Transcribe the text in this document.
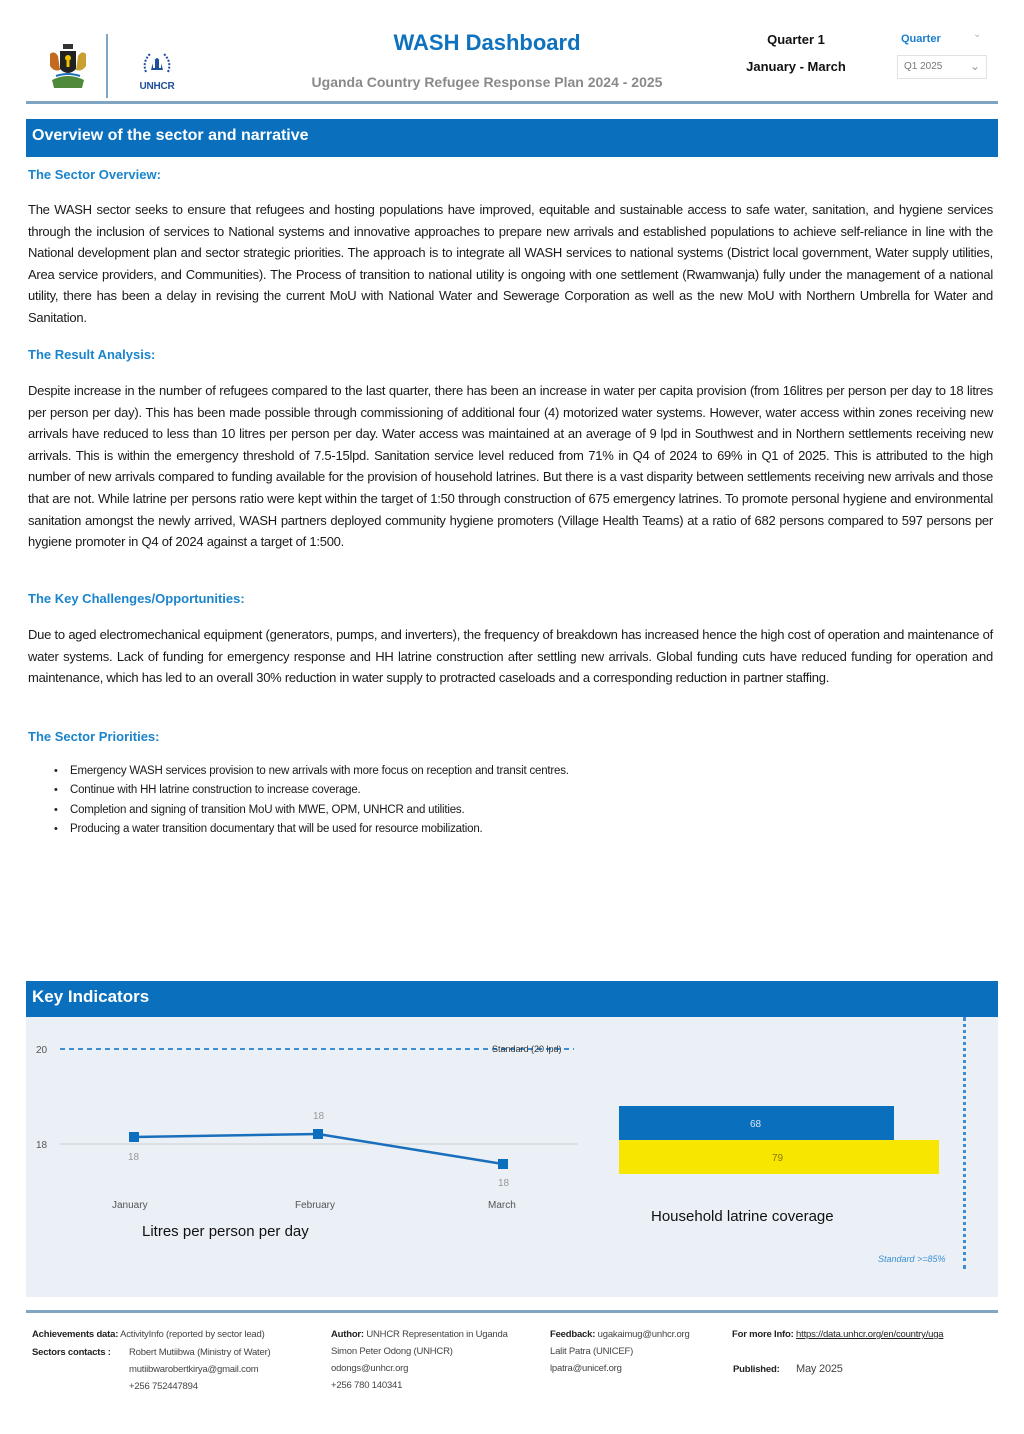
UNHCR
WASH Dashboard
Uganda Country Refugee Response Plan 2024 - 2025
Quarter 1
January - March
Quarter	⌄
Q1 2025 ⌄
Overview of the sector and narrative
The Sector Overview:
The WASH sector seeks to ensure that refugees and hosting populations have improved, equitable and sustainable access to safe water, sanitation, and hygiene services through the inclusion of services to National systems and innovative approaches to prepare new arrivals and established populations to achieve self-reliance in line with the National development plan and sector strategic priorities. The approach is to integrate all WASH services to national systems (District local government, Water supply utilities, Area service providers, and Communities). The Process of transition to national utility is ongoing with one settlement (Rwamwanja) fully under the management of a national utility, there has been a delay in revising the current MoU with National Water and Sewerage Corporation as well as the new MoU with Northern Umbrella for Water and Sanitation.
The Result Analysis:
Despite increase in the number of refugees compared to the last quarter, there has been an increase in water per capita provision (from 16litres per person per day to 18 litres per person per day). This has been made possible through commissioning of additional four (4) motorized water systems. However, water access within zones receiving new arrivals have reduced to less than 10 litres per person per day. Water access was maintained at an average of 9 lpd in Southwest and in Northern settlements receiving new arrivals. This is within the emergency threshold of 7.5-15lpd. Sanitation service level reduced from 71% in Q4 of 2024 to 69% in Q1 of 2025. This is attributed to the high number of new arrivals compared to funding available for the provision of household latrines. But there is a vast disparity between settlements receiving new arrivals and those that are not. While latrine per persons ratio were kept within the target of 1:50 through construction of 675 emergency latrines. To promote personal hygiene and environmental sanitation amongst the newly arrived, WASH partners deployed community hygiene promoters (Village Health Teams) at a ratio of 682 persons compared to 597 persons per hygiene promoter in Q4 of 2024 against a target of 1:500.
The Key Challenges/Opportunities:
Due to aged electromechanical equipment (generators, pumps, and inverters), the frequency of breakdown has increased hence the high cost of operation and maintenance of water systems. Lack of funding for emergency response and HH latrine construction after settling new arrivals. Global funding cuts have reduced funding for operation and maintenance, which has led to an overall 30% reduction in water supply to protracted caseloads and a corresponding reduction in partner staffing.
The Sector Priorities:
• Emergency WASH services provision to new arrivals with more focus on reception and transit centres.
• Continue with HH latrine construction to increase coverage.
• Completion and signing of transition MoU with MWE, OPM, UNHCR and utilities.
• Producing a water transition documentary that will be used for resource mobilization.
Key Indicators
20
18
Standard (20 lpd)
18
18
18
January	February	March
Litres per person per day
68
79
Household latrine coverage
Standard >=85%
Achievements data: ActivityInfo (reported by sector lead)
Sectors contacts : Robert Mutiibwa (Ministry of Water)
mutiibwarobertkirya@gmail.com
+256 752447894
Author: UNHCR Representation in Uganda
Simon Peter Odong (UNHCR)
odongs@unhcr.org
+256 780 140341
Feedback: ugakaimug@unhcr.org
Lalit Patra (UNICEF)
lpatra@unicef.org
For more Info: https://data.unhcr.org/en/country/uga
Published: May 2025
